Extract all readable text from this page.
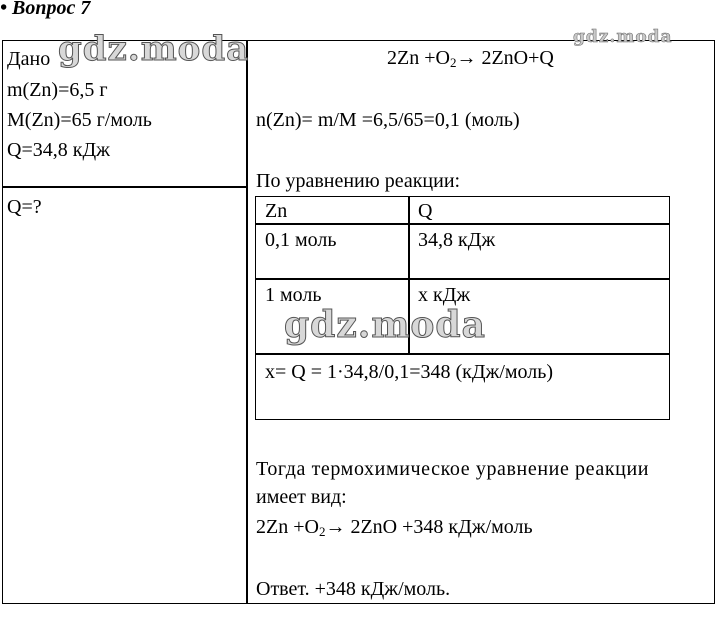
• Вопрос 7
Дано
m(Zn)=6,5 г
M(Zn)=65 г/моль
Q=34,8 кДж
Q=?
$2Zn +O_2\to 2ZnO+Q$
n(Zn)= m/M =6,5/65=0,1 (моль)
По уравнению реакции:
Zn	Q
0,1 моль	34,8 кДж
1 моль	x кДж
x= Q = 1·34,8/0,1=348 (кДж/моль)
Тогда термохимическое уравнение реакции
имеет вид:
$2Zn +O_2\to 2ZnO +348$ кДж/моль
Ответ. +348 кДж/моль.
gdz.moda	gdz.moda
gdz.moda
